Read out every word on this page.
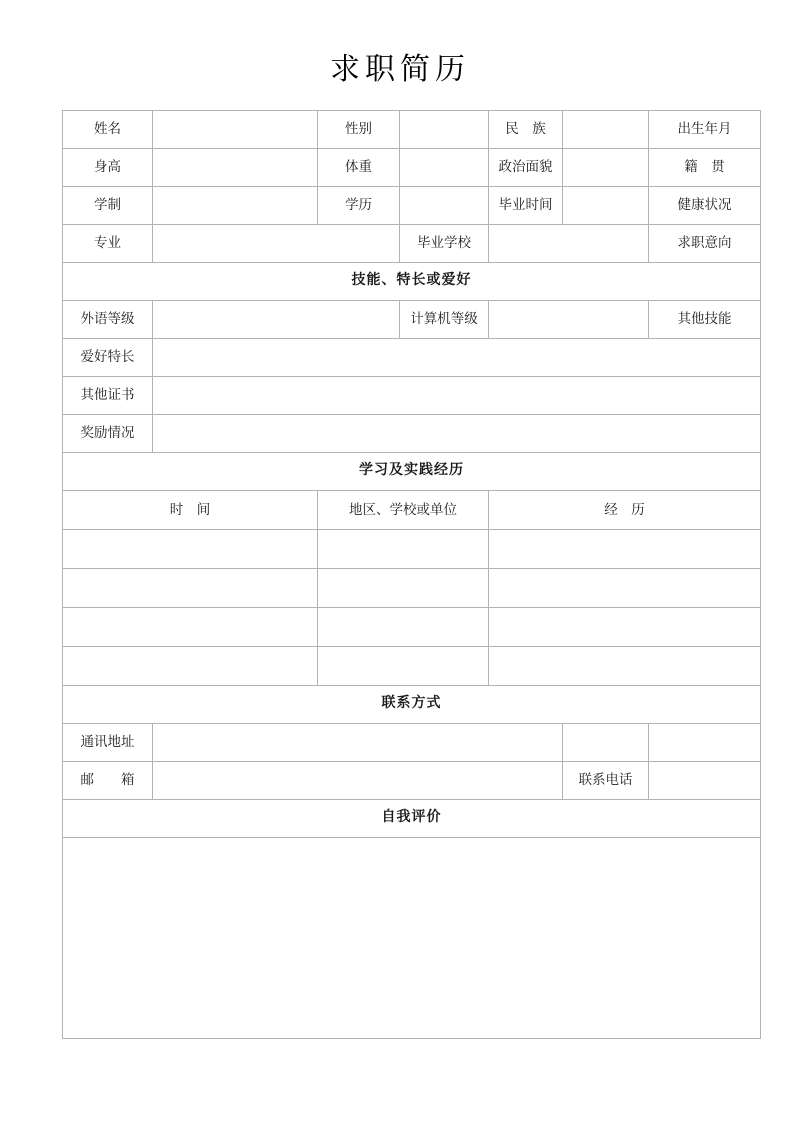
求职简历
姓名		性别		民　族		出生年月	
身高		体重		政治面貌		籍　贯	
学制		学历		毕业时间		健康状况	
专业			毕业学校			求职意向	
技能、特长或爱好							
外语等级			计算机等级			其他技能	
爱好特长							
其他证书							
奖励情况							
学习及实践经历							
时　间		地区、学校或单位		经　历			

联系方式							
通讯地址							
邮　　箱					联系电话		
自我评价							
